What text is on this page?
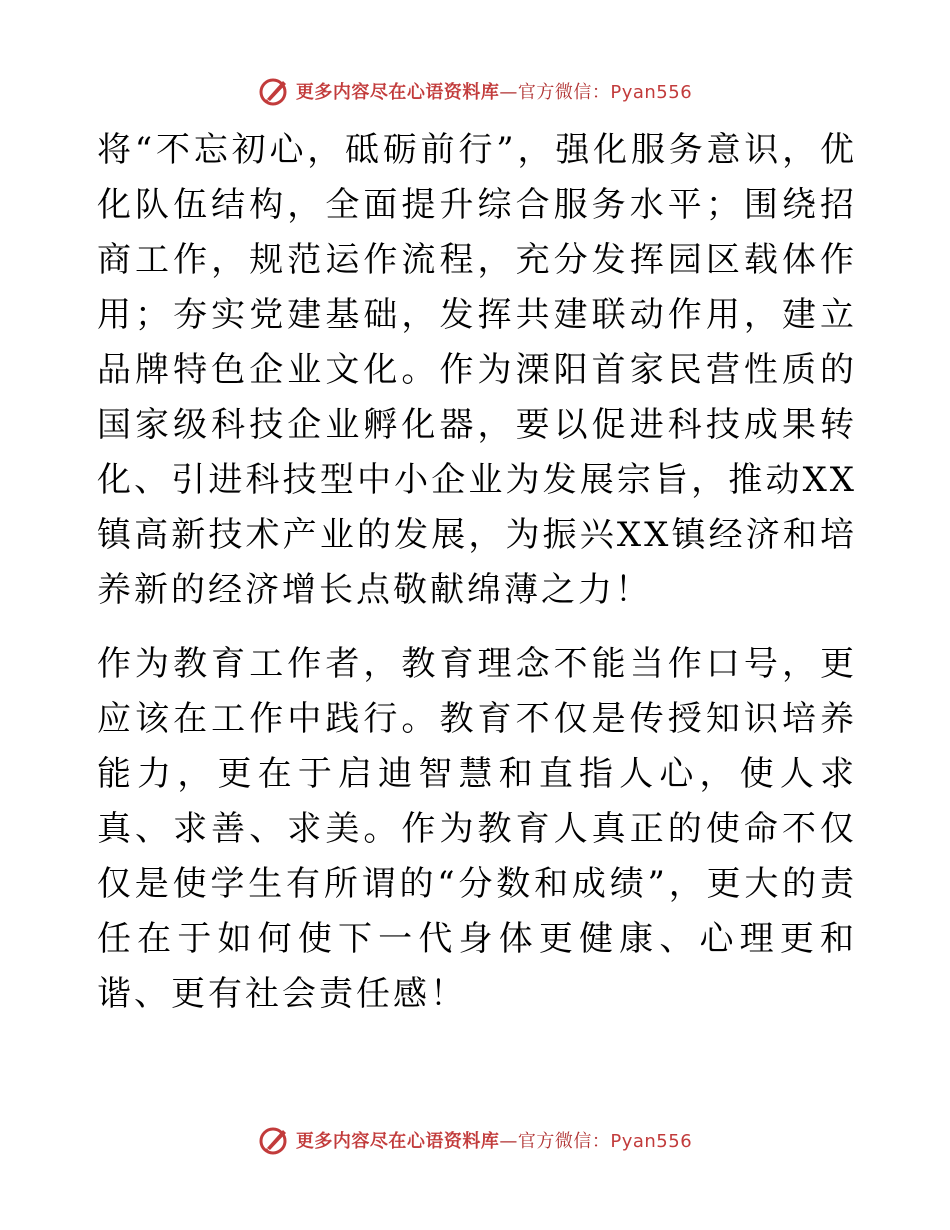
更多内容尽在心语资料库—官方微信：Pyan556

将“不忘初心，砥砺前行”，强化服务意识，优化队伍结构，全面提升综合服务水平；围绕招商工作，规范运作流程，充分发挥园区载体作用；夯实党建基础，发挥共建联动作用，建立品牌特色企业文化。作为溧阳首家民营性质的国家级科技企业孵化器，要以促进科技成果转化、引进科技型中小企业为发展宗旨，推动XX镇高新技术产业的发展，为振兴XX镇经济和培养新的经济增长点敬献绵薄之力！

作为教育工作者，教育理念不能当作口号，更应该在工作中践行。教育不仅是传授知识培养能力，更在于启迪智慧和直指人心，使人求真、求善、求美。作为教育人真正的使命不仅仅是使学生有所谓的“分数和成绩”，更大的责任在于如何使下一代身体更健康、心理更和谐、更有社会责任感！

更多内容尽在心语资料库—官方微信：Pyan556
